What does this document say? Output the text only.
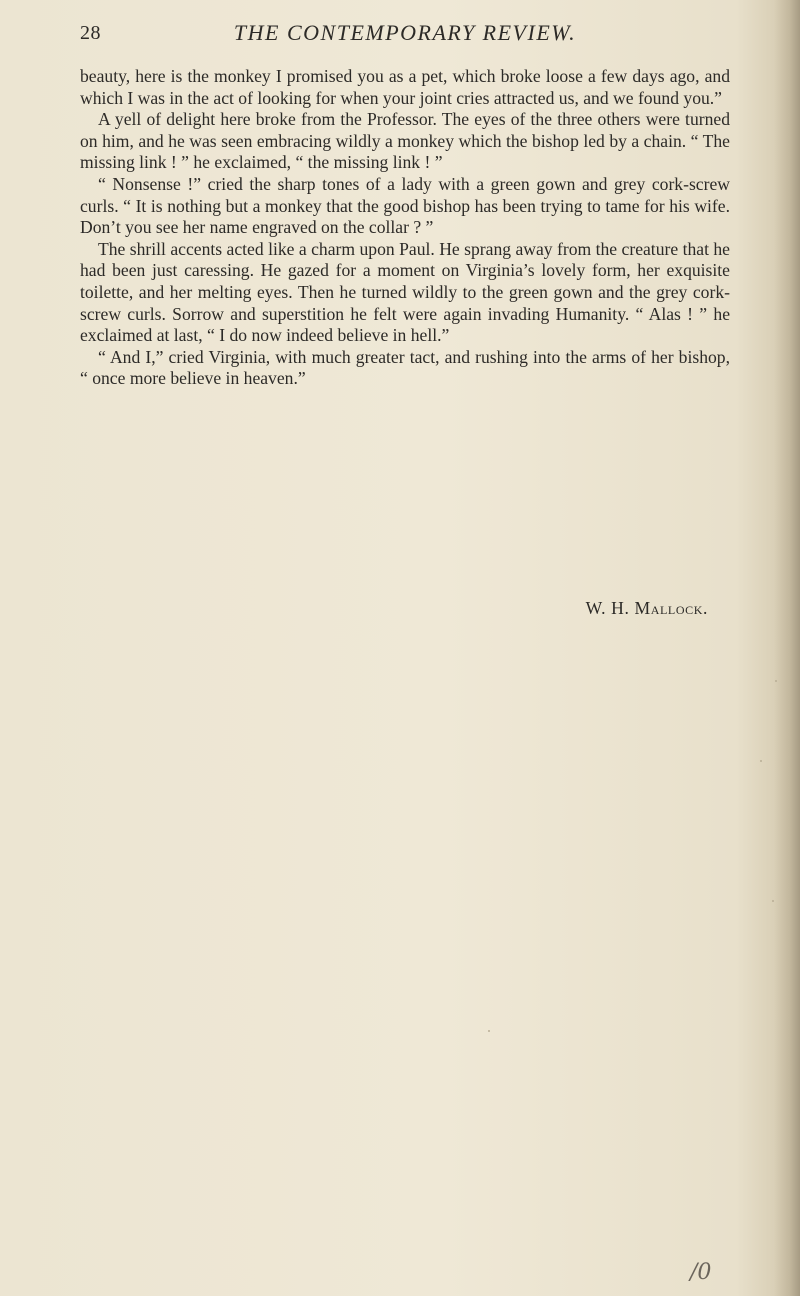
28	THE CONTEMPORARY REVIEW.

beauty, here is the monkey I promised you as a pet, which broke loose a few days ago, and which I was in the act of looking for when your joint cries attracted us, and we found you.”

A yell of delight here broke from the Professor. The eyes of the three others were turned on him, and he was seen embracing wildly a monkey which the bishop led by a chain. “ The missing link ! ” he exclaimed, “ the missing link ! ”

“ Nonsense !” cried the sharp tones of a lady with a green gown and grey cork-screw curls. “ It is nothing but a monkey that the good bishop has been trying to tame for his wife. Don’t you see her name engraved on the collar ? ”

The shrill accents acted like a charm upon Paul. He sprang away from the creature that he had been just caressing. He gazed for a moment on Virginia’s lovely form, her exquisite toilette, and her melting eyes. Then he turned wildly to the green gown and the grey cork-screw curls. Sorrow and superstition he felt were again invading Humanity. “ Alas ! ” he exclaimed at last, “ I do now indeed believe in hell.”

“ And I,” cried Virginia, with much greater tact, and rushing into the arms of her bishop, “ once more believe in heaven.”

W. H. Mallock.
/0
